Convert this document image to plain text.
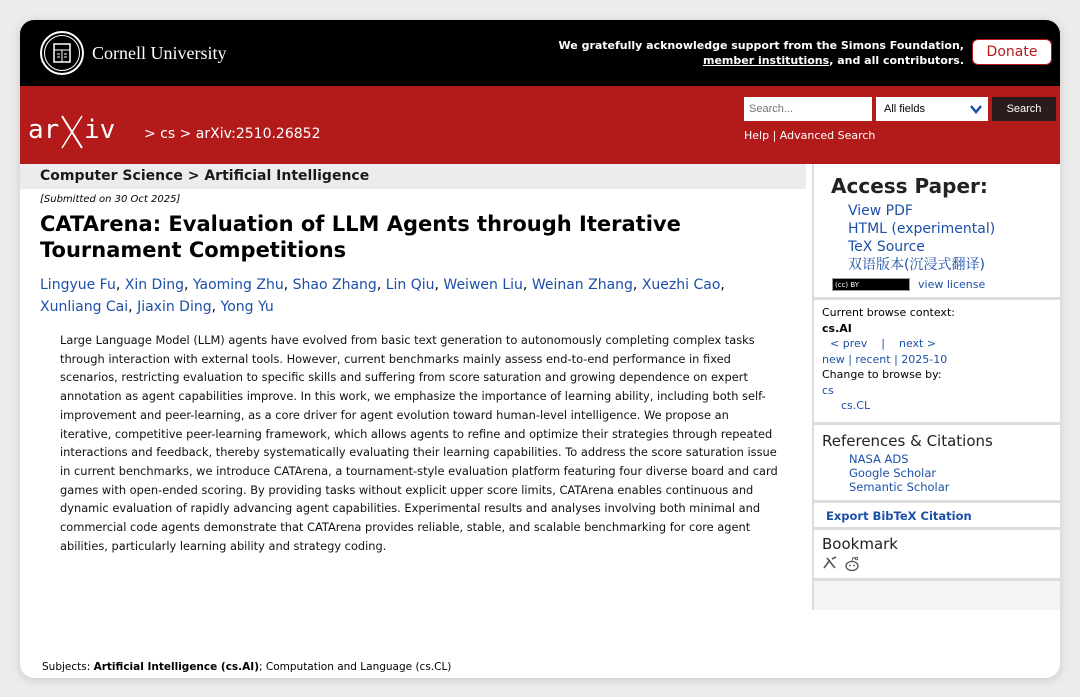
Cornell University	We gratefully acknowledge support from the Simons Foundation,
member institutions, and all contributors.
Donate
ar iv > cs > arXiv:2510.26852
Search...
All fields	Search
Help | Advanced Search
Computer Science > Artificial Intelligence
[Submitted on 30 Oct 2025]
CATArena: Evaluation of LLM Agents through Iterative Tournament Competitions
Lingyue Fu, Xin Ding, Yaoming Zhu, Shao Zhang, Lin Qiu, Weiwen Liu, Weinan Zhang, Xuezhi Cao, Xunliang Cai, Jiaxin Ding, Yong Yu
Large Language Model (LLM) agents have evolved from basic text generation to autonomously completing complex tasks through interaction with external tools. However, current benchmarks mainly assess end-to-end performance in fixed scenarios, restricting evaluation to specific skills and suffering from score saturation and growing dependence on expert annotation as agent capabilities improve. In this work, we emphasize the importance of learning ability, including both self-improvement and peer-learning, as a core driver for agent evolution toward human-level intelligence. We propose an iterative, competitive peer-learning framework, which allows agents to refine and optimize their strategies through repeated interactions and feedback, thereby systematically evaluating their learning capabilities. To address the score saturation issue in current benchmarks, we introduce CATArena, a tournament-style evaluation platform featuring four diverse board and card games with open-ended scoring. By providing tasks without explicit upper score limits, CATArena enables continuous and dynamic evaluation of rapidly advancing agent capabilities. Experimental results and analyses involving both minimal and commercial code agents demonstrate that CATArena provides reliable, stable, and scalable benchmarking for core agent abilities, particularly learning ability and strategy coding.
Subjects: Artificial Intelligence (cs.AI); Computation and Language (cs.CL)
Access Paper:
View PDF
HTML (experimental)
TeX Source
双语版本(沉浸式翻译)
(cc) BY	view license
Current browse context:
cs.AI
< prev | next >
new | recent | 2025-10
Change to browse by:
cs
cs.CL
References & Citations
NASA ADS
Google Scholar
Semantic Scholar
Export BibTeX Citation
Bookmark
